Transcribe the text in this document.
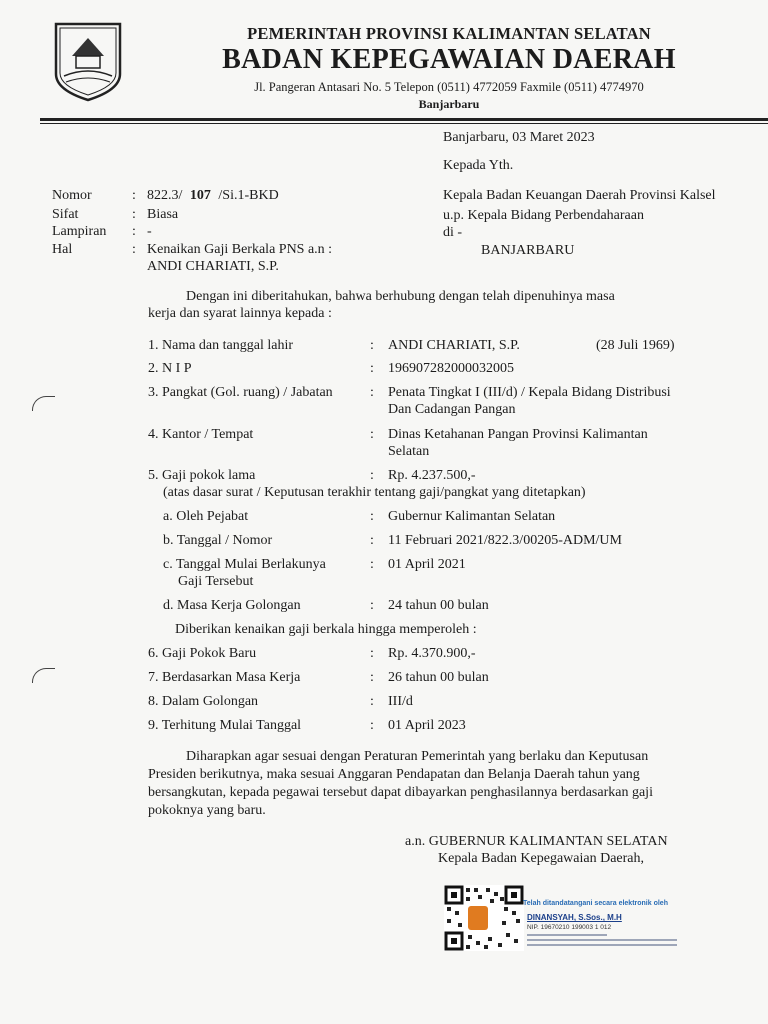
PEMERINTAH PROVINSI KALIMANTAN SELATAN
BADAN KEPEGAWAIAN DAERAH
Jl. Pangeran Antasari No. 5 Telepon (0511) 4772059 Faxmile (0511) 4774970
Banjarbaru
Banjarbaru, 03 Maret 2023
Kepada Yth.
Kepala Badan Keuangan Daerah Provinsi Kalsel
u.p. Kepala Bidang Perbendaharaan
di -
BANJARBARU
Nomor	: 822.3/ 107 /Si.1-BKD
Sifat	: Biasa
Lampiran : -
Hal	: Kenaikan Gaji Berkala PNS a.n :
ANDI CHARIATI, S.P.
Dengan ini diberitahukan, bahwa berhubung dengan telah dipenuhinya masa
kerja dan syarat lainnya kepada :
1. Nama dan tanggal lahir	: ANDI CHARIATI, S.P.	(28 Juli 1969)
2. N I P	: 196907282000032005
3. Pangkat (Gol. ruang) / Jabatan	: Penata Tingkat I (III/d) / Kepala Bidang Distribusi
Dan Cadangan Pangan
4. Kantor / Tempat	: Dinas Ketahanan Pangan Provinsi Kalimantan
Selatan
5. Gaji pokok lama	: Rp. 4.237.500,-
(atas dasar surat / Keputusan terakhir tentang gaji/pangkat yang ditetapkan)
a. Oleh Pejabat	: Gubernur Kalimantan Selatan
b. Tanggal / Nomor	: 11 Februari 2021/822.3/00205-ADM/UM
c. Tanggal Mulai Berlakunya
Gaji Tersebut
: 01 April 2021
d. Masa Kerja Golongan	: 24 tahun 00 bulan
Diberikan kenaikan gaji berkala hingga memperoleh :
6. Gaji Pokok Baru	: Rp. 4.370.900,-
7. Berdasarkan Masa Kerja	: 26 tahun 00 bulan
8. Dalam Golongan	: III/d
9. Terhitung Mulai Tanggal	: 01 April 2023
Diharapkan agar sesuai dengan Peraturan Pemerintah yang berlaku dan Keputusan
Presiden berikutnya, maka sesuai Anggaran Pendapatan dan Belanja Daerah tahun yang
bersangkutan, kepada pegawai tersebut dapat dibayarkan penghasilannya berdasarkan gaji
pokoknya yang baru.
a.n. GUBERNUR KALIMANTAN SELATAN
Kepala Badan Kepegawaian Daerah,
Telah ditandatangani secara elektronik oleh
DINANSYAH, S.Sos., M.H
NIP. 19670210 199003 1 012
